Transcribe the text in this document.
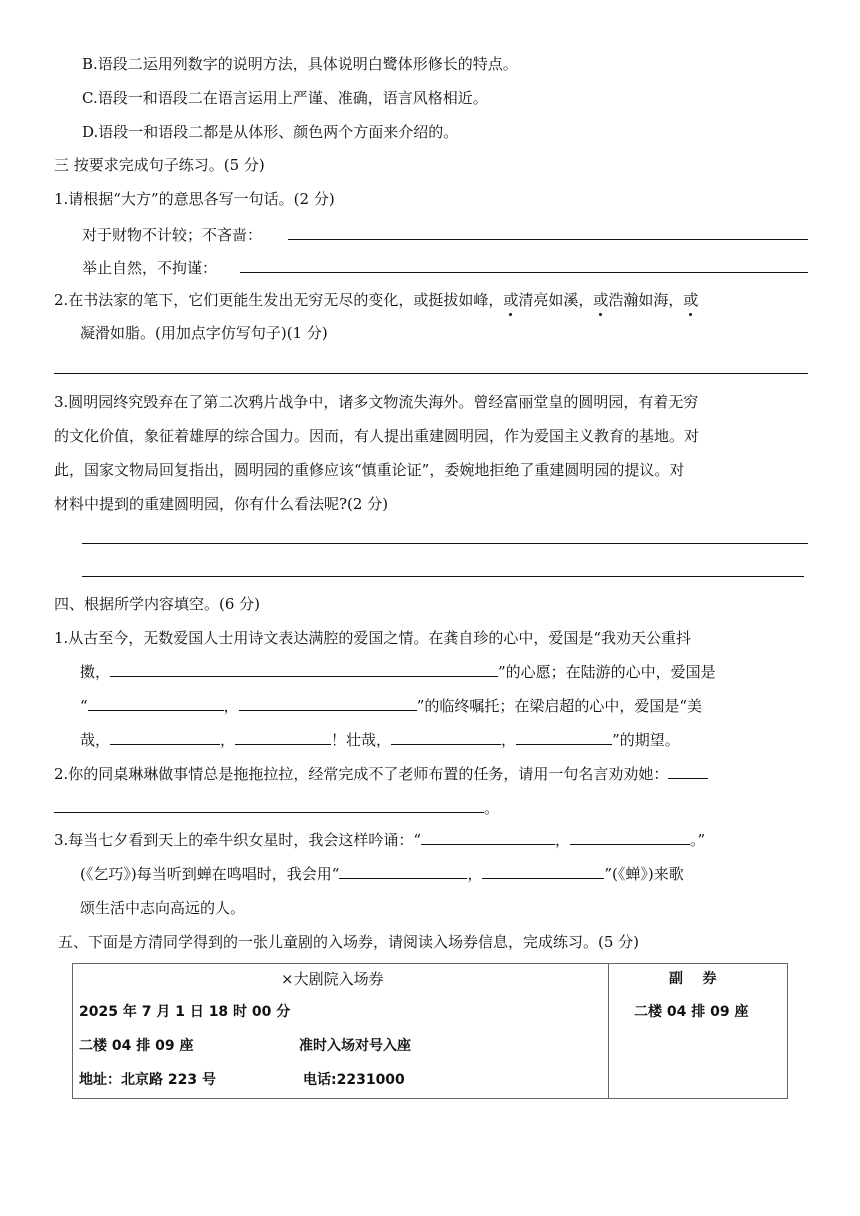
B.语段二运用列数字的说明方法，具体说明白鹭体形修长的特点。
C.语段一和语段二在语言运用上严谨、准确，语言风格相近。
D.语段一和语段二都是从体形、颜色两个方面来介绍的。
三 按要求完成句子练习。(5 分)
1.请根据“大方”的意思各写一句话。(2 分)
对于财物不计较；不吝啬：
举止自然，不拘谨：
2.在书法家的笔下，它们更能生发出无穷无尽的变化，或挺拔如峰，或清亮如溪，或浩瀚如海，或
凝滑如脂。(用加点字仿写句子)(1 分)
3.圆明园终究毁弃在了第二次鸦片战争中，诸多文物流失海外。曾经富丽堂皇的圆明园，有着无穷
的文化价值，象征着雄厚的综合国力。因而，有人提出重建圆明园，作为爱国主义教育的基地。对
此，国家文物局回复指出，圆明园的重修应该“慎重论证”，委婉地拒绝了重建圆明园的提议。对
材料中提到的重建圆明园，你有什么看法呢?(2 分)
四、根据所学内容填空。(6 分)
1.从古至今，无数爱国人士用诗文表达满腔的爱国之情。在龚自珍的心中，爱国是“我劝天公重抖
擞，	”的心愿；在陆游的心中，爱国是
“	，	”的临终嘱托；在梁启超的心中，爱国是“美
哉，	，	！壮哉，	，	”的期望。
2.你的同桌琳琳做事情总是拖拖拉拉，经常完成不了老师布置的任务，请用一句名言劝劝她：
。
3.每当七夕看到天上的牵牛织女星时，我会这样吟诵：“	，	。”
(《乞巧》)每当听到蝉在鸣唱时，我会用“	，	”(《蝉》)来歌
颂生活中志向高远的人。
五、下面是方清同学得到的一张儿童剧的入场券，请阅读入场券信息，完成练习。(5 分)
×大剧院入场券
2025 年 7 月 1 日 18 时 00 分
二楼 04 排 09 座	准时入场对号入座
地址：北京路 223 号	电话:2231000
副    券
二楼 04 排 09 座
